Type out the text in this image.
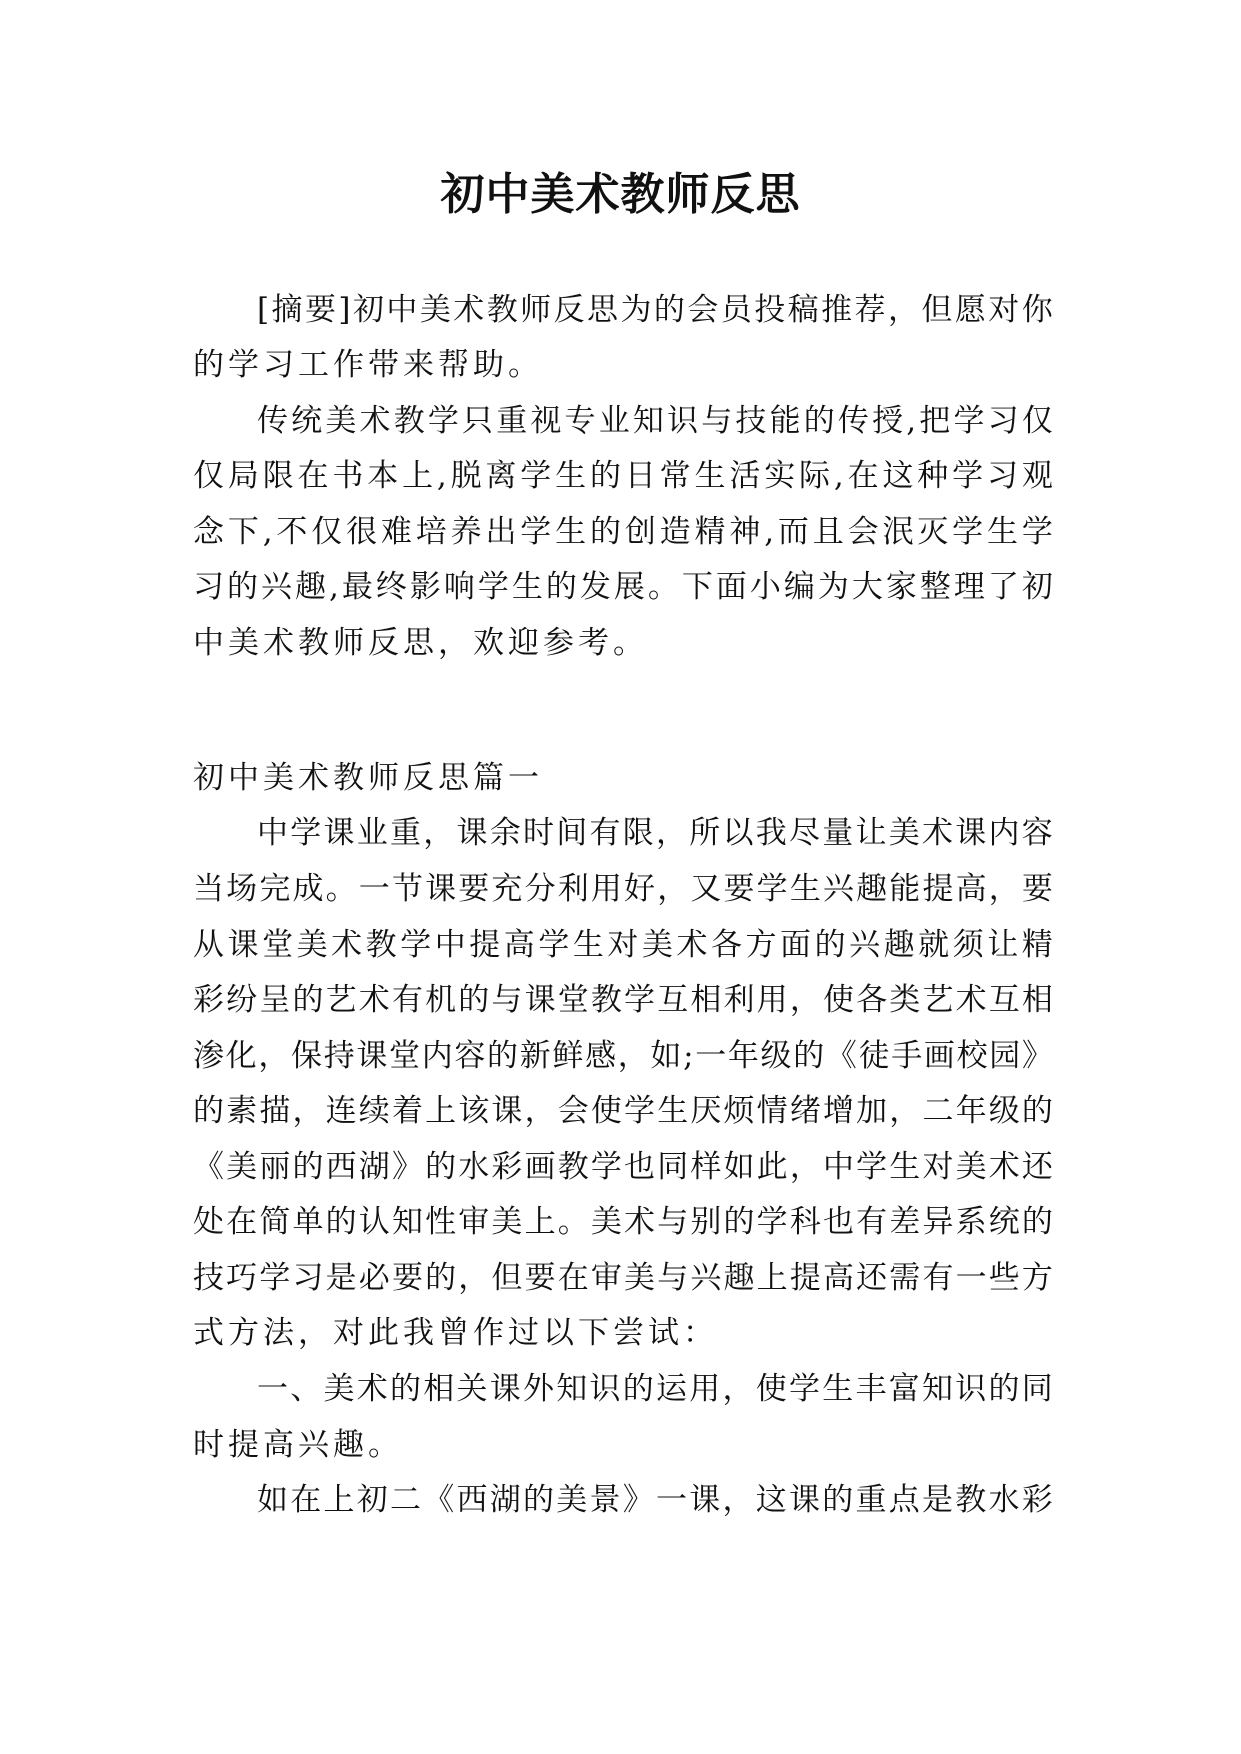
初中美术教师反思
[ 摘 要 ] 初 中 美 术 教 师 反 思 为 的 会 员 投 稿 推 荐 ， 但 愿 对 你
的学习工作带来帮助。
传 统 美 术 教 学 只 重 视 专 业 知 识 与 技 能 的 传 授 , 把 学 习 仅
仅 局 限 在 书 本 上 , 脱 离 学 生 的 日 常 生 活 实 际 , 在 这 种 学 习 观
念 下 , 不 仅 很 难 培 养 出 学 生 的 创 造 精 神 , 而 且 会 泯 灭 学 生 学
习 的 兴 趣 , 最 终 影 响 学 生 的 发 展 。 下 面 小 编 为 大 家 整 理 了 初
中美术教师反思，欢迎参考。
初中美术教师反思篇一
中 学 课 业 重 ， 课 余 时 间 有 限 ， 所 以 我 尽 量 让 美 术 课 内 容
当 场 完 成 。 一 节 课 要 充 分 利 用 好 ， 又 要 学 生 兴 趣 能 提 高 ， 要
从 课 堂 美 术 教 学 中 提 高 学 生 对 美 术 各 方 面 的 兴 趣 就 须 让 精
彩 纷 呈 的 艺 术 有 机 的 与 课 堂 教 学 互 相 利 用 ， 使 各 类 艺 术 互 相
渗 化 ， 保 持 课 堂 内 容 的 新 鲜 感 ， 如 ; 一 年 级 的 《 徒 手 画 校 园 》
的 素 描 ， 连 续 着 上 该 课 ， 会 使 学 生 厌 烦 情 绪 增 加 ， 二 年 级 的
《 美 丽 的 西 湖 》 的 水 彩 画 教 学 也 同 样 如 此 ， 中 学 生 对 美 术 还
处 在 简 单 的 认 知 性 审 美 上 。 美 术 与 别 的 学 科 也 有 差 异 系 统 的
技 巧 学 习 是 必 要 的 ， 但 要 在 审 美 与 兴 趣 上 提 高 还 需 有 一 些 方
式方法，对此我曾作过以下尝试：
一 、 美 术 的 相 关 课 外 知 识 的 运 用 ， 使 学 生 丰 富 知 识 的 同
时提高兴趣。
如 在 上 初 二 《 西 湖 的 美 景 》 一 课 ， 这 课 的 重 点 是 教 水 彩
